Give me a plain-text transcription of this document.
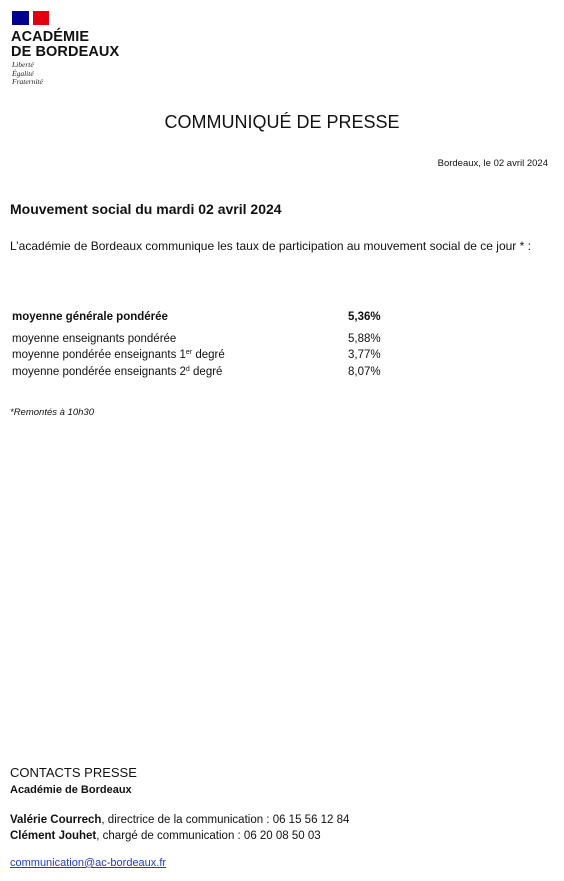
ACADÉMIE
DE BORDEAUX
Liberté
Égalité
Fraternité
COMMUNIQUÉ DE PRESSE
Bordeaux, le 02 avril 2024
Mouvement social du mardi 02 avril 2024
L’académie de Bordeaux communique les taux de participation au mouvement social de ce jour * :
moyenne générale pondérée	5,36%
moyenne enseignants pondérée	5,88%
moyenne pondérée enseignants 1er degré	3,77%
moyenne pondérée enseignants 2$^d$ degré	8,07%
*Remontés à 10h30
CONTACTS PRESSE
Académie de Bordeaux
Valérie Courrech, directrice de la communication : 06 15 56 12 84
Clément Jouhet, chargé de communication : 06 20 08 50 03
communication@ac-bordeaux.fr
